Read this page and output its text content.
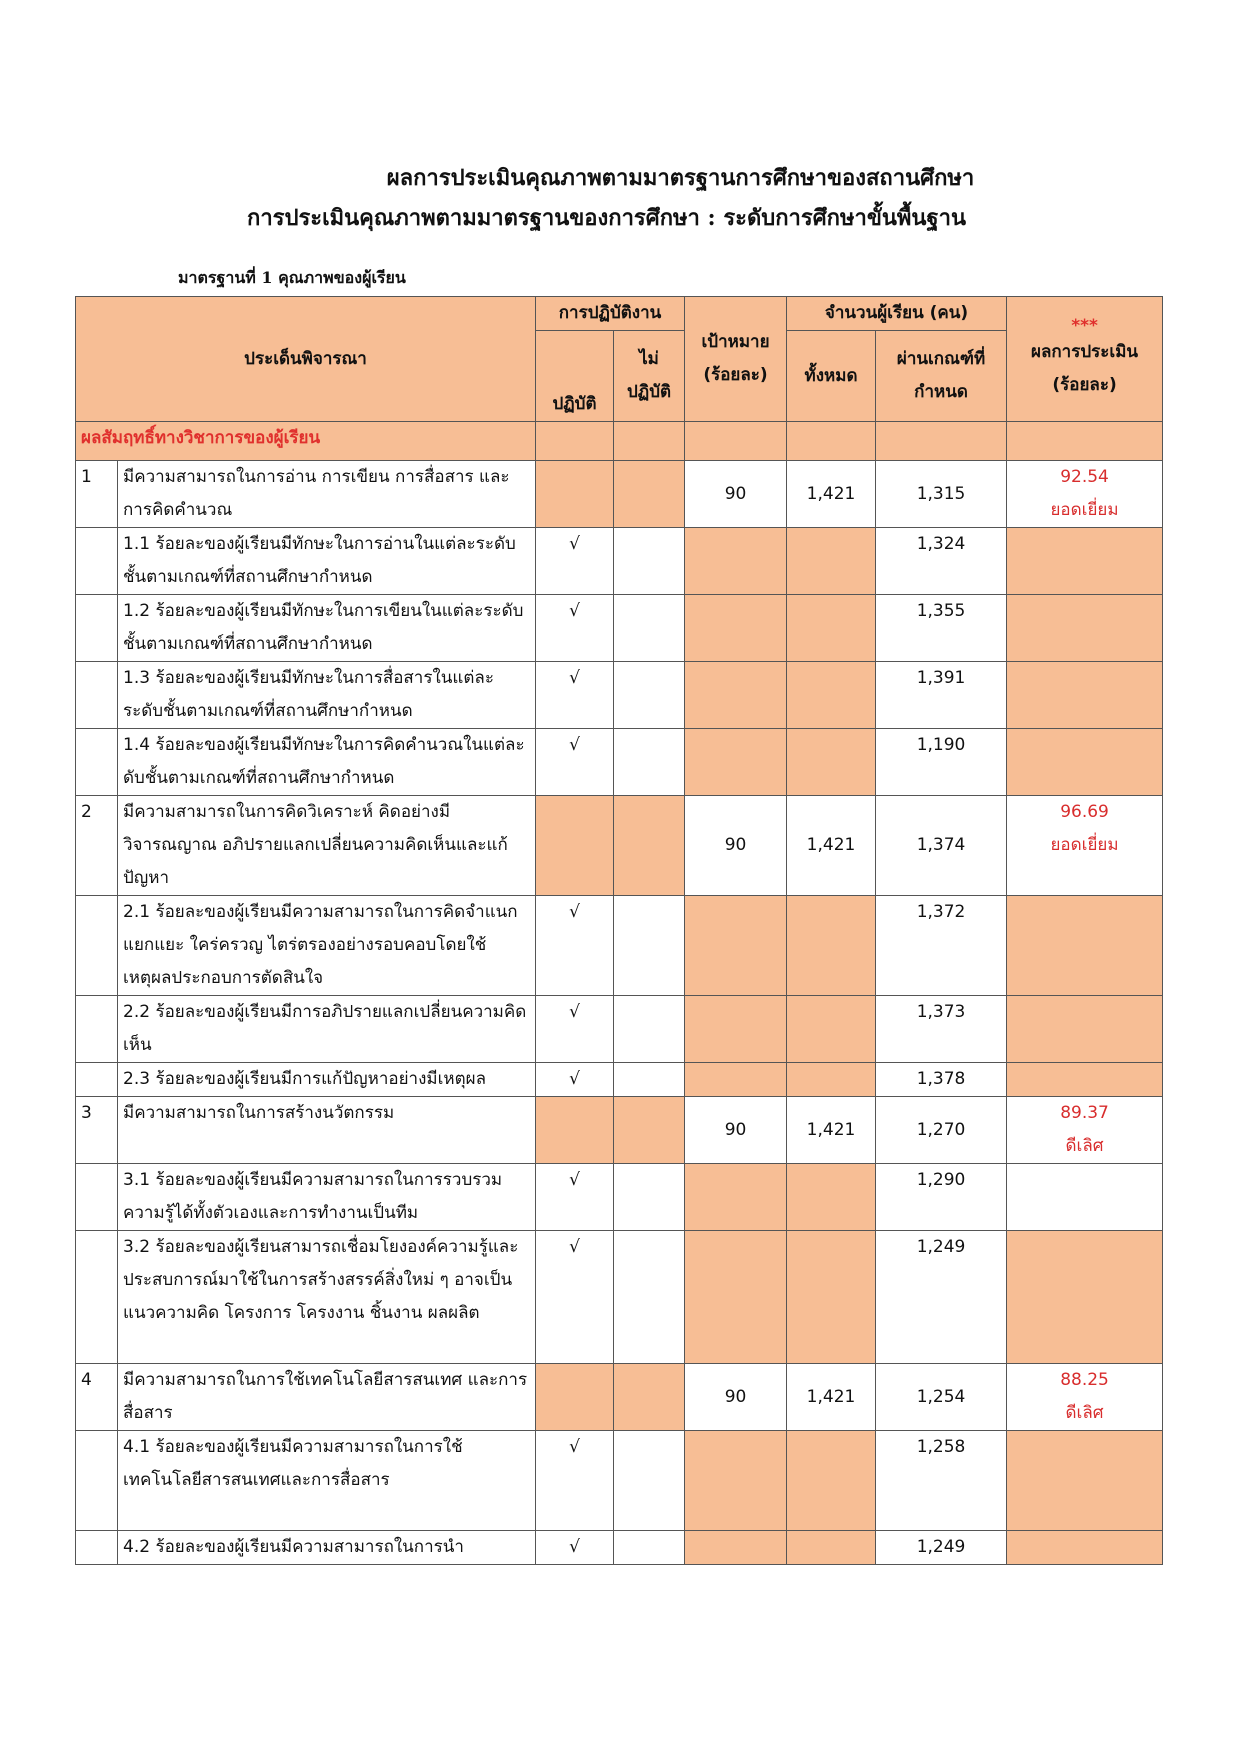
ผลการประเมินคุณภาพตามมาตรฐานการศึกษาของสถานศึกษา
การประเมินคุณภาพตามมาตรฐานของการศึกษา : ระดับการศึกษาขั้นพื้นฐาน
มาตรฐานที่ 1 คุณภาพของผู้เรียน
ประเด็นพิจารณา		การปฏิบัติงาน		เป้าหมาย (ร้อยละ)	จำนวนผู้เรียน (คน)		***
ผลการประเมิน (ร้อยละ)
		ปฏิบัติ	ไม่ปฏิบัติ		ทั้งหมด	ผ่านเกณฑ์ที่กำหนด	

ผลสัมฤทธิ์ทางวิชาการของผู้เรียน							
1	มีความสามารถในการอ่าน การเขียน การสื่อสาร และการคิดคำนวณ			90	1,421	1,315	92.54
ยอดเยี่ยม

	1.1 ร้อยละของผู้เรียนมีทักษะในการอ่านในแต่ละระดับชั้นตามเกณฑ์ที่สถานศึกษากำหนด	√				1,324	
	1.2 ร้อยละของผู้เรียนมีทักษะในการเขียนในแต่ละระดับชั้นตามเกณฑ์ที่สถานศึกษากำหนด	√				1,355	
	1.3 ร้อยละของผู้เรียนมีทักษะในการสื่อสารในแต่ละระดับชั้นตามเกณฑ์ที่สถานศึกษากำหนด	√				1,391	
	1.4 ร้อยละของผู้เรียนมีทักษะในการคิดคำนวณในแต่ละดับชั้นตามเกณฑ์ที่สถานศึกษากำหนด	√				1,190	
2	มีความสามารถในการคิดวิเคราะห์ คิดอย่างมีวิจารณญาณ อภิปรายแลกเปลี่ยนความคิดเห็นและแก้ปัญหา			90	1,421	1,374	96.69
ยอดเยี่ยม

	2.1 ร้อยละของผู้เรียนมีความสามารถในการคิดจำแนกแยกแยะ ใคร่ครวญ ไตร่ตรองอย่างรอบคอบโดยใช้เหตุผลประกอบการตัดสินใจ	√				1,372	
	2.2 ร้อยละของผู้เรียนมีการอภิปรายแลกเปลี่ยนความคิดเห็น	√				1,373	
	2.3 ร้อยละของผู้เรียนมีการแก้ปัญหาอย่างมีเหตุผล	√				1,378	
3	มีความสามารถในการสร้างนวัตกรรม			90	1,421	1,270	89.37
ดีเลิศ

	3.1 ร้อยละของผู้เรียนมีความสามารถในการรวบรวมความรู้ได้ทั้งตัวเองและการทำงานเป็นทีม	√				1,290	
	3.2 ร้อยละของผู้เรียนสามารถเชื่อมโยงองค์ความรู้และประสบการณ์มาใช้ในการสร้างสรรค์สิ่งใหม่ ๆ อาจเป็นแนวความคิด โครงการ โครงงาน ชิ้นงาน ผลผลิต	√				1,249	
4	มีความสามารถในการใช้เทคโนโลยีสารสนเทศ และการสื่อสาร			90	1,421	1,254	88.25
ดีเลิศ

	4.1 ร้อยละของผู้เรียนมีความสามารถในการใช้เทคโนโลยีสารสนเทศและการสื่อสาร	√				1,258	
	4.2 ร้อยละของผู้เรียนมีความสามารถในการนำ	√				1,249	
